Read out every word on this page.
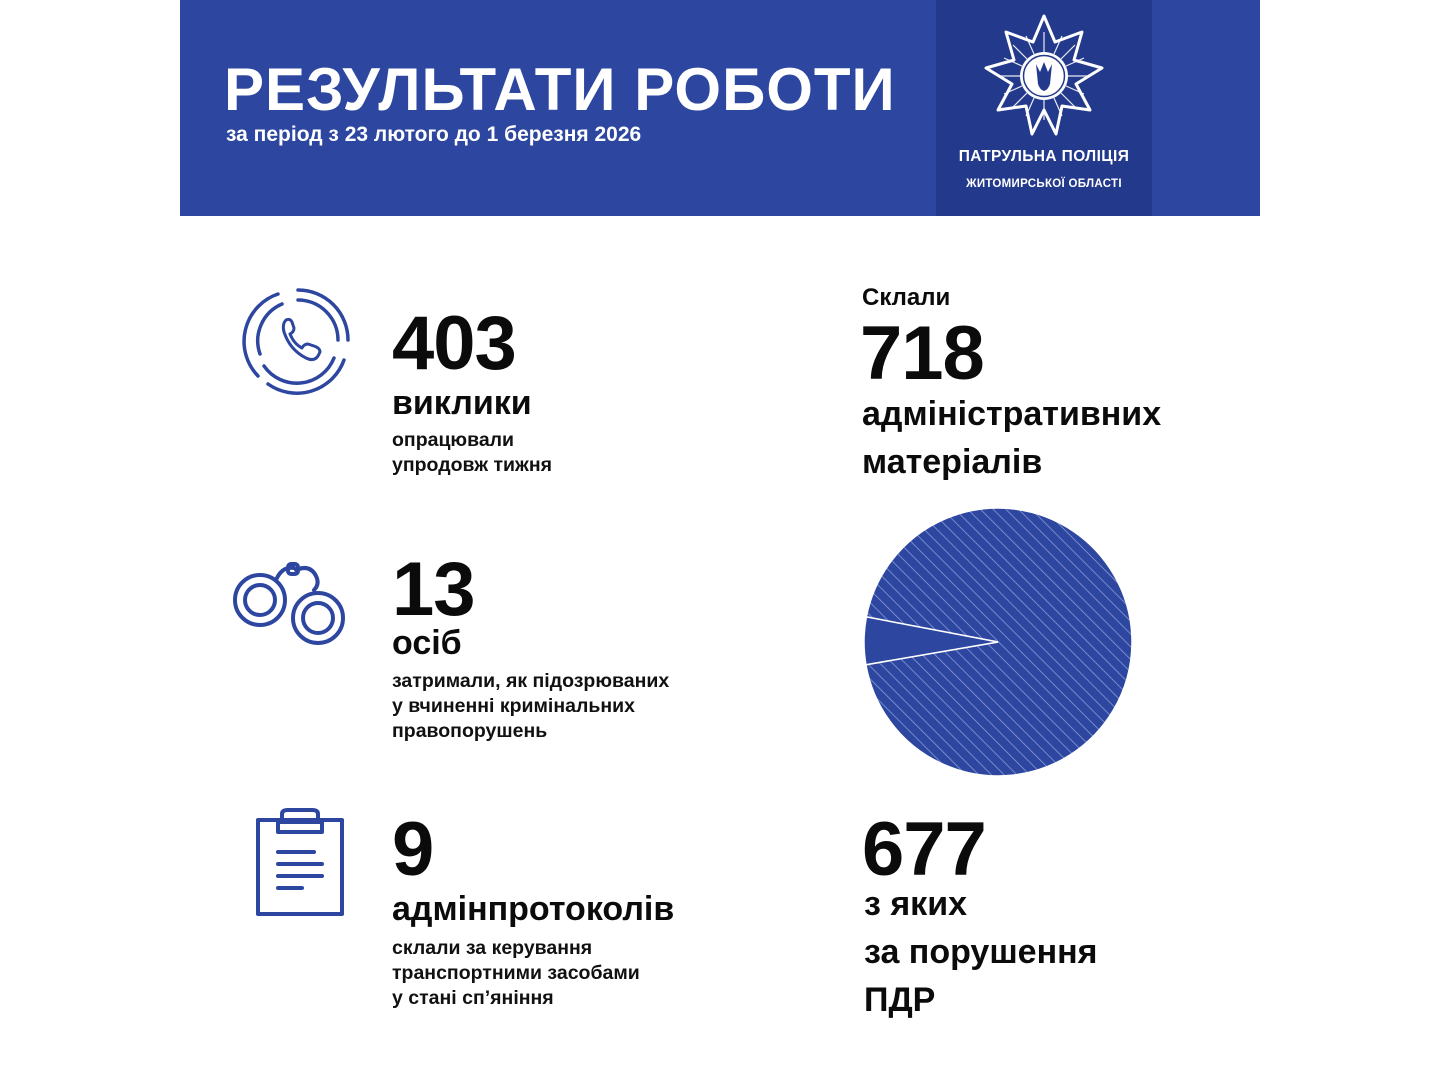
РЕЗУЛЬТАТИ РОБОТИ
за період з 23 лютого до 1 березня 2026
ПАТРУЛЬНА ПОЛІЦІЯ
ЖИТОМИРСЬКОЇ ОБЛАСТІ
403
виклики
опрацювали
упродовж тижня
13
осіб
затримали, як підозрюваних
у вчиненні кримінальних
правопорушень
9
адмінпротоколів
склали за керування
транспортними засобами
у стані сп’яніння
Склали
718
адміністративних
матеріалів
677
з яких
за порушення
ПДР
